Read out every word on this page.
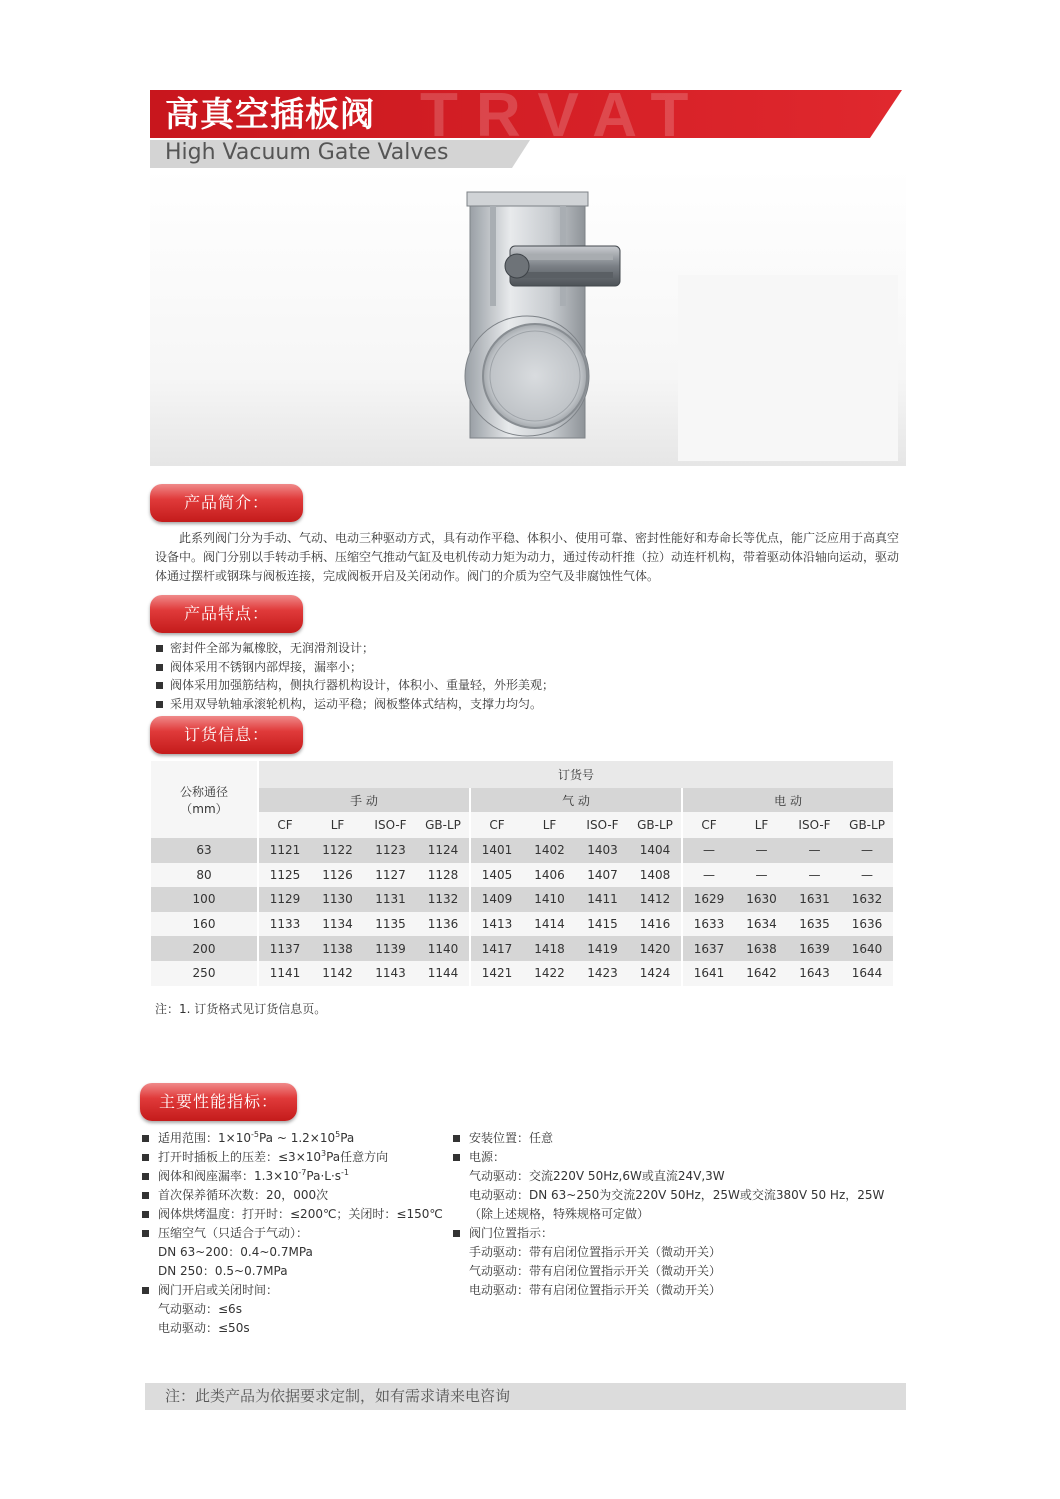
TRVAT
高真空插板阀
High Vacuum Gate Valves
产品简介：
此系列阀门分为手动、气动、电动三种驱动方式，具有动作平稳、体积小、使用可靠、密封性能好和寿命长等优点，能广泛应用于高真空设备中。阀门分别以手转动手柄、压缩空气推动气缸及电机传动力矩为动力，通过传动杆推（拉）动连杆机构，带着驱动体沿轴向运动，驱动体通过摆杆或钢珠与阀板连接，完成阀板开启及关闭动作。阀门的介质为空气及非腐蚀性气体。
产品特点：
密封件全部为氟橡胶，无润滑剂设计；
阀体采用不锈钢内部焊接，漏率小；
阀体采用加强筋结构，侧执行器机构设计，体积小、重量轻，外形美观；
采用双导轨轴承滚轮机构，运动平稳；阀板整体式结构，支撑力均匀。
订货信息：
公称通径
（mm）	订货号											
	手 动				气 动				电 动			
	CF	LF	ISO-F	GB-LP	CF	LF	ISO-F	GB-LP	CF	LF	ISO-F	GB-LP
63	1121	1122	1123	1124	1401	1402	1403	1404	—	—	—	—
80	1125	1126	1127	1128	1405	1406	1407	1408	—	—	—	—
100	1129	1130	1131	1132	1409	1410	1411	1412	1629	1630	1631	1632
160	1133	1134	1135	1136	1413	1414	1415	1416	1633	1634	1635	1636
200	1137	1138	1139	1140	1417	1418	1419	1420	1637	1638	1639	1640
250	1141	1142	1143	1144	1421	1422	1423	1424	1641	1642	1643	1644
注：1. 订货格式见订货信息页。
主要性能指标：
适用范围：$1\times 10^{-5}Pa$ ~ $1.2\times 10^5Pa$
打开时插板上的压差：$\le 3\times 10^3Pa$任意方向
阀体和阀座漏率：$1.3\times 10^{-7}Pa\cdot L\cdot s^{-1}$
首次保养循环次数：20，000次
阀体烘烤温度：打开时：≤200℃；关闭时：≤150℃
压缩空气（只适合于气动）：
DN 63~200：0.4~0.7MPa
DN 250：0.5~0.7MPa
阀门开启或关闭时间：
气动驱动：≤6s
电动驱动：≤50s
安装位置：任意
电源：
气动驱动：交流220V 50Hz,6W或直流24V,3W
电动驱动：DN 63~250为交流220V 50Hz，25W或交流380V 50 Hz，25W
（除上述规格，特殊规格可定做）
阀门位置指示：
手动驱动：带有启闭位置指示开关（微动开关）
气动驱动：带有启闭位置指示开关（微动开关）
电动驱动：带有启闭位置指示开关（微动开关）
注：此类产品为依据要求定制，如有需求请来电咨询
